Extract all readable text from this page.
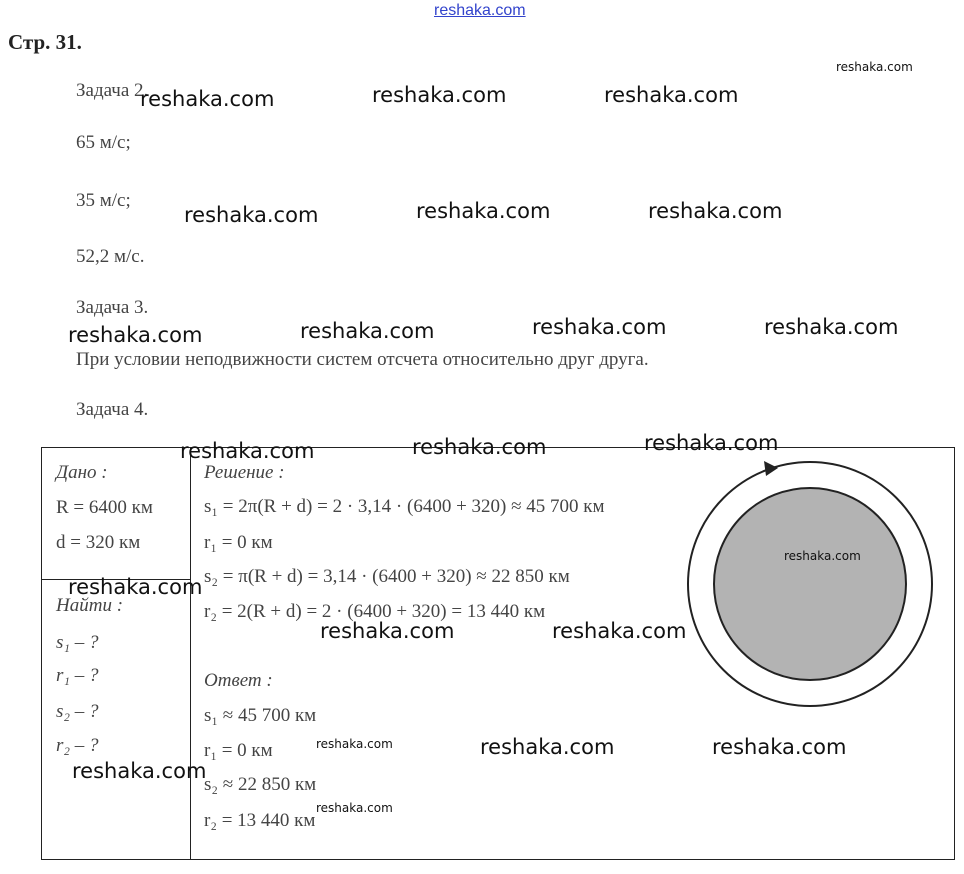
reshaka.com
Стр. 31.
Задача 2.
65 м/с;
35 м/с;
52,2 м/с.
Задача 3.
При условии неподвижности систем отсчета относительно друг друга.
Задача 4.
Дано :
R = 6400 км
d = 320 км
Найти :
s₁ – ?
r₁ – ?
s₂ – ?
r₂ – ?
Решение :
s₁ = 2π(R + d) = 2 · 3,14 · (6400 + 320) ≈ 45 700 км
r₁ = 0 км
s₂ = π(R + d) = 3,14 · (6400 + 320) ≈ 22 850 км
r₂ = 2(R + d) = 2 · (6400 + 320) = 13 440 км
Ответ :
s₁ ≈ 45 700 км
r₁ = 0 км
s₂ ≈ 22 850 км
r₂ = 13 440 км
reshaka.com
reshaka.com	reshaka.com	reshaka.com
reshaka.com	reshaka.com	reshaka.com
reshaka.com	reshaka.com	reshaka.com	reshaka.com
reshaka.com	reshaka.com	reshaka.com
reshaka.com
reshaka.com
reshaka.com	reshaka.com
reshaka.com	reshaka.com	reshaka.com
reshaka.com
reshaka.com
